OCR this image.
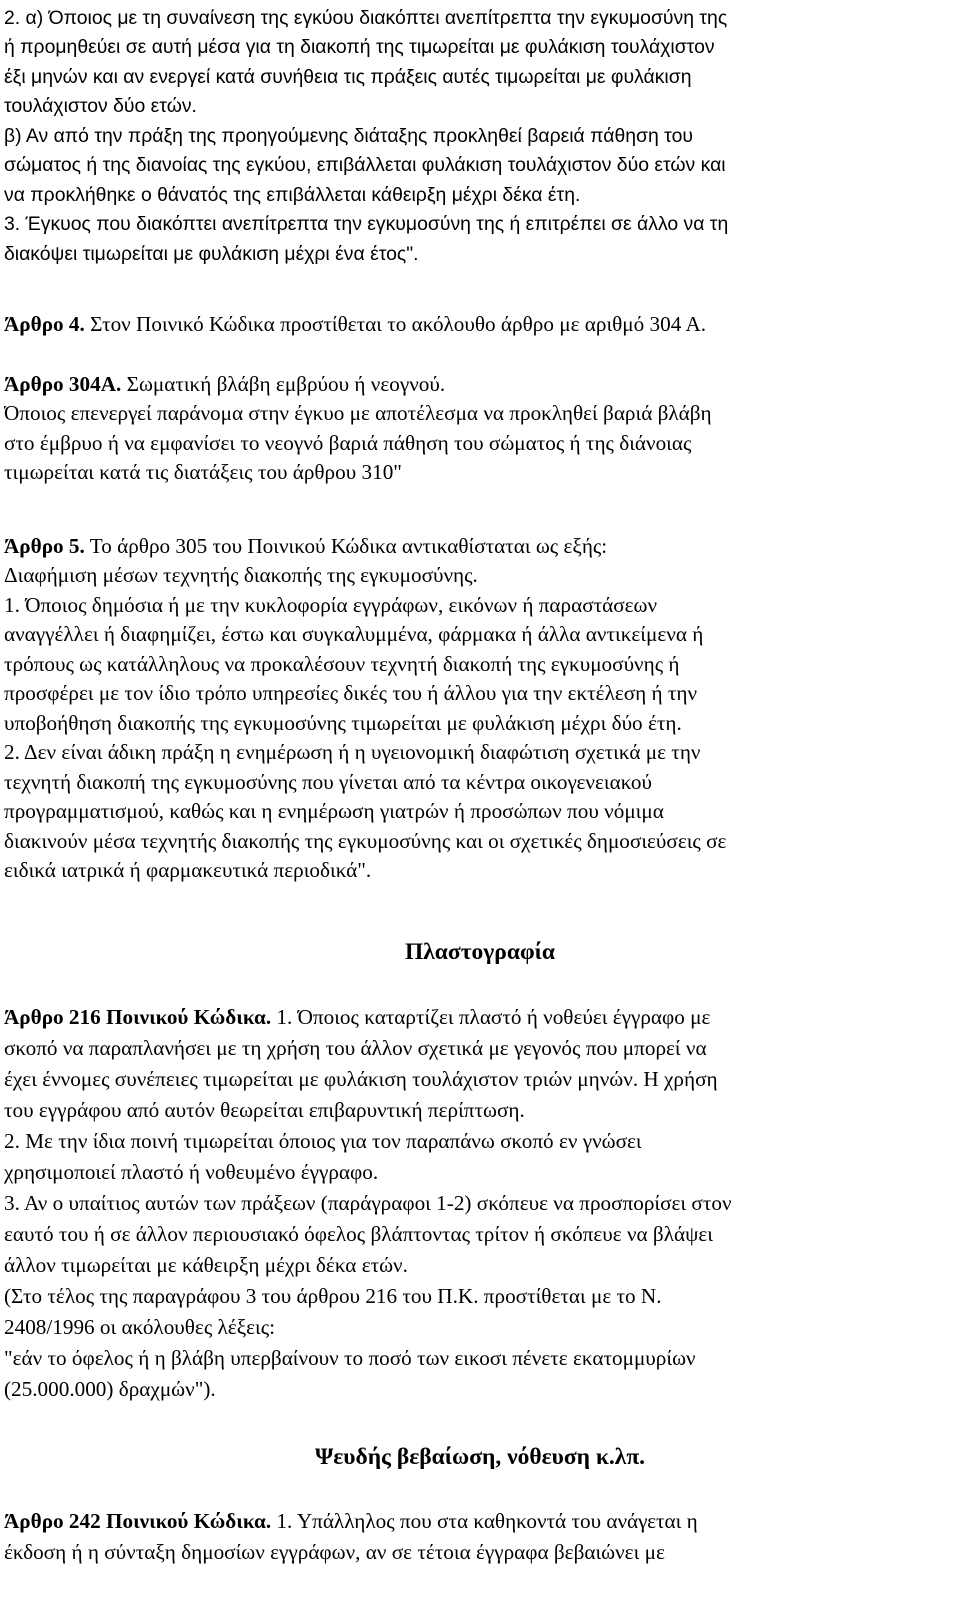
2. α) Όποιος με τη συναίνεση της εγκύου διακόπτει ανεπίτρεπτα την εγκυμοσύνη της
ή προμηθεύει σε αυτή μέσα για τη διακοπή της τιμωρείται με φυλάκιση τουλάχιστον
έξι μηνών και αν ενεργεί κατά συνήθεια τις πράξεις αυτές τιμωρείται με φυλάκιση
τουλάχιστον δύο ετών.
β) Αν από την πράξη της προηγούμενης διάταξης προκληθεί βαρειά πάθηση του
σώματος ή της διανοίας της εγκύου, επιβάλλεται φυλάκιση τουλάχιστον δύο ετών και
να προκλήθηκε ο θάνατός της επιβάλλεται κάθειρξη μέχρι δέκα έτη.
3. Έγκυος που διακόπτει ανεπίτρεπτα την εγκυμοσύνη της ή επιτρέπει σε άλλο να τη
διακόψει τιμωρείται με φυλάκιση μέχρι ένα έτος".
Άρθρο 4. Στον Ποινικό Κώδικα προστίθεται το ακόλουθο άρθρο με αριθμό 304 Α.
Άρθρο 304Α. Σωματική βλάβη εμβρύου ή νεογνού.
Όποιος επενεργεί παράνομα στην έγκυο με αποτέλεσμα να προκληθεί βαριά βλάβη
στο έμβρυο ή να εμφανίσει το νεογνό βαριά πάθηση του σώματος ή της διάνοιας
τιμωρείται κατά τις διατάξεις του άρθρου 310"
Άρθρο 5. Το άρθρο 305 του Ποινικού Κώδικα αντικαθίσταται ως εξής:
Διαφήμιση μέσων τεχνητής διακοπής της εγκυμοσύνης.
1. Όποιος δημόσια ή με την κυκλοφορία εγγράφων, εικόνων ή παραστάσεων
αναγγέλλει ή διαφημίζει, έστω και συγκαλυμμένα, φάρμακα ή άλλα αντικείμενα ή
τρόπους ως κατάλληλους να προκαλέσουν τεχνητή διακοπή της εγκυμοσύνης ή
προσφέρει με τον ίδιο τρόπο υπηρεσίες δικές του ή άλλου για την εκτέλεση ή την
υποβοήθηση διακοπής της εγκυμοσύνης τιμωρείται με φυλάκιση μέχρι δύο έτη.
2. Δεν είναι άδικη πράξη η ενημέρωση ή η υγειονομική διαφώτιση σχετικά με την
τεχνητή διακοπή της εγκυμοσύνης που γίνεται από τα κέντρα οικογενειακού
προγραμματισμού, καθώς και η ενημέρωση γιατρών ή προσώπων που νόμιμα
διακινούν μέσα τεχνητής διακοπής της εγκυμοσύνης και οι σχετικές δημοσιεύσεις σε
ειδικά ιατρικά ή φαρμακευτικά περιοδικά".
Πλαστογραφία
Άρθρο 216 Ποινικού Κώδικα. 1. Όποιος καταρτίζει πλαστό ή νοθεύει έγγραφο με
σκοπό να παραπλανήσει με τη χρήση του άλλον σχετικά με γεγονός που μπορεί να
έχει έννομες συνέπειες τιμωρείται με φυλάκιση τουλάχιστον τριών μηνών. Η χρήση
του εγγράφου από αυτόν θεωρείται επιβαρυντική περίπτωση.
2. Με την ίδια ποινή τιμωρείται όποιος για τον παραπάνω σκοπό εν γνώσει
χρησιμοποιεί πλαστό ή νοθευμένο έγγραφο.
3. Αν ο υπαίτιος αυτών των πράξεων (παράγραφοι 1-2) σκόπευε να προσπορίσει στον
εαυτό του ή σε άλλον περιουσιακό όφελος βλάπτοντας τρίτον ή σκόπευε να βλάψει
άλλον τιμωρείται με κάθειρξη μέχρι δέκα ετών.
(Στο τέλος της παραγράφου 3 του άρθρου 216 του Π.Κ. προστίθεται με το Ν.
2408/1996 οι ακόλουθες λέξεις:
"εάν το όφελος ή η βλάβη υπερβαίνουν το ποσό των εικοσι πένετε εκατομμυρίων
(25.000.000) δραχμών").
Ψευδής βεβαίωση, νόθευση κ.λπ.
Άρθρο 242 Ποινικού Κώδικα. 1. Υπάλληλος που στα καθηκοντά του ανάγεται η
έκδοση ή η σύνταξη δημοσίων εγγράφων, αν σε τέτοια έγγραφα βεβαιώνει με
